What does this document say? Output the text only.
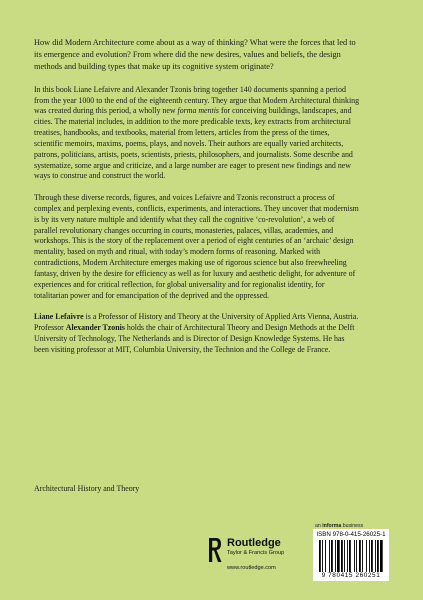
How did Modern Architecture come about as a way of thinking? What were the forces that led to its emergence and evolution? From where did the new desires, values and beliefs, the design methods and building types that make up its cognitive system originate?

In this book Liane Lefaivre and Alexander Tzonis bring together 140 documents spanning a period from the year 1000 to the end of the eighteenth century. They argue that Modern Architectural thinking was created during this period, a wholly new forma mentis for conceiving buildings, landscapes, and cities. The material includes, in addition to the more predicable texts, key extracts from architectural treatises, handbooks, and textbooks, material from letters, articles from the press of the times, scientific memoirs, maxims, poems, plays, and novels. Their authors are equally varied architects, patrons, politicians, artists, poets, scientists, priests, philosophers, and journalists. Some describe and systematize, some argue and criticize, and a large number are eager to present new findings and new ways to construe and construct the world.

Through these diverse records, figures, and voices Lefaivre and Tzonis reconstruct a process of complex and perplexing events, conflicts, experiments, and interactions. They uncover that modernism is by its very nature multiple and identify what they call the cognitive ‘co-revolution’, a web of parallel revolutionary changes occurring in courts, monasteries, palaces, villas, academies, and workshops. This is the story of the replacement over a period of eight centuries of an ‘archaic’ design mentality, based on myth and ritual, with today’s modern forms of reasoning. Marked with contradictions, Modern Architecture emerges making use of rigorous science but also freewheeling fantasy, driven by the desire for efficiency as well as for luxury and aesthetic delight, for adventure of experiences and for critical reflection, for global universality and for regionalist identity, for totalitarian power and for emancipation of the deprived and the oppressed.

Liane Lefaivre is a Professor of History and Theory at the University of Applied Arts Vienna, Austria. Professor Alexander Tzonis holds the chair of Architectural Theory and Design Methods at the Delft University of Technology, The Netherlands and is Director of Design Knowledge Systems. He has been visiting professor at MIT, Columbia University, the Technion and the College de France.

Architectural History and Theory
Routledge
Taylor & Francis Group
www.routledge.com
an informa business
ISBN 978-0-415-26025-1
9 780415 260251
